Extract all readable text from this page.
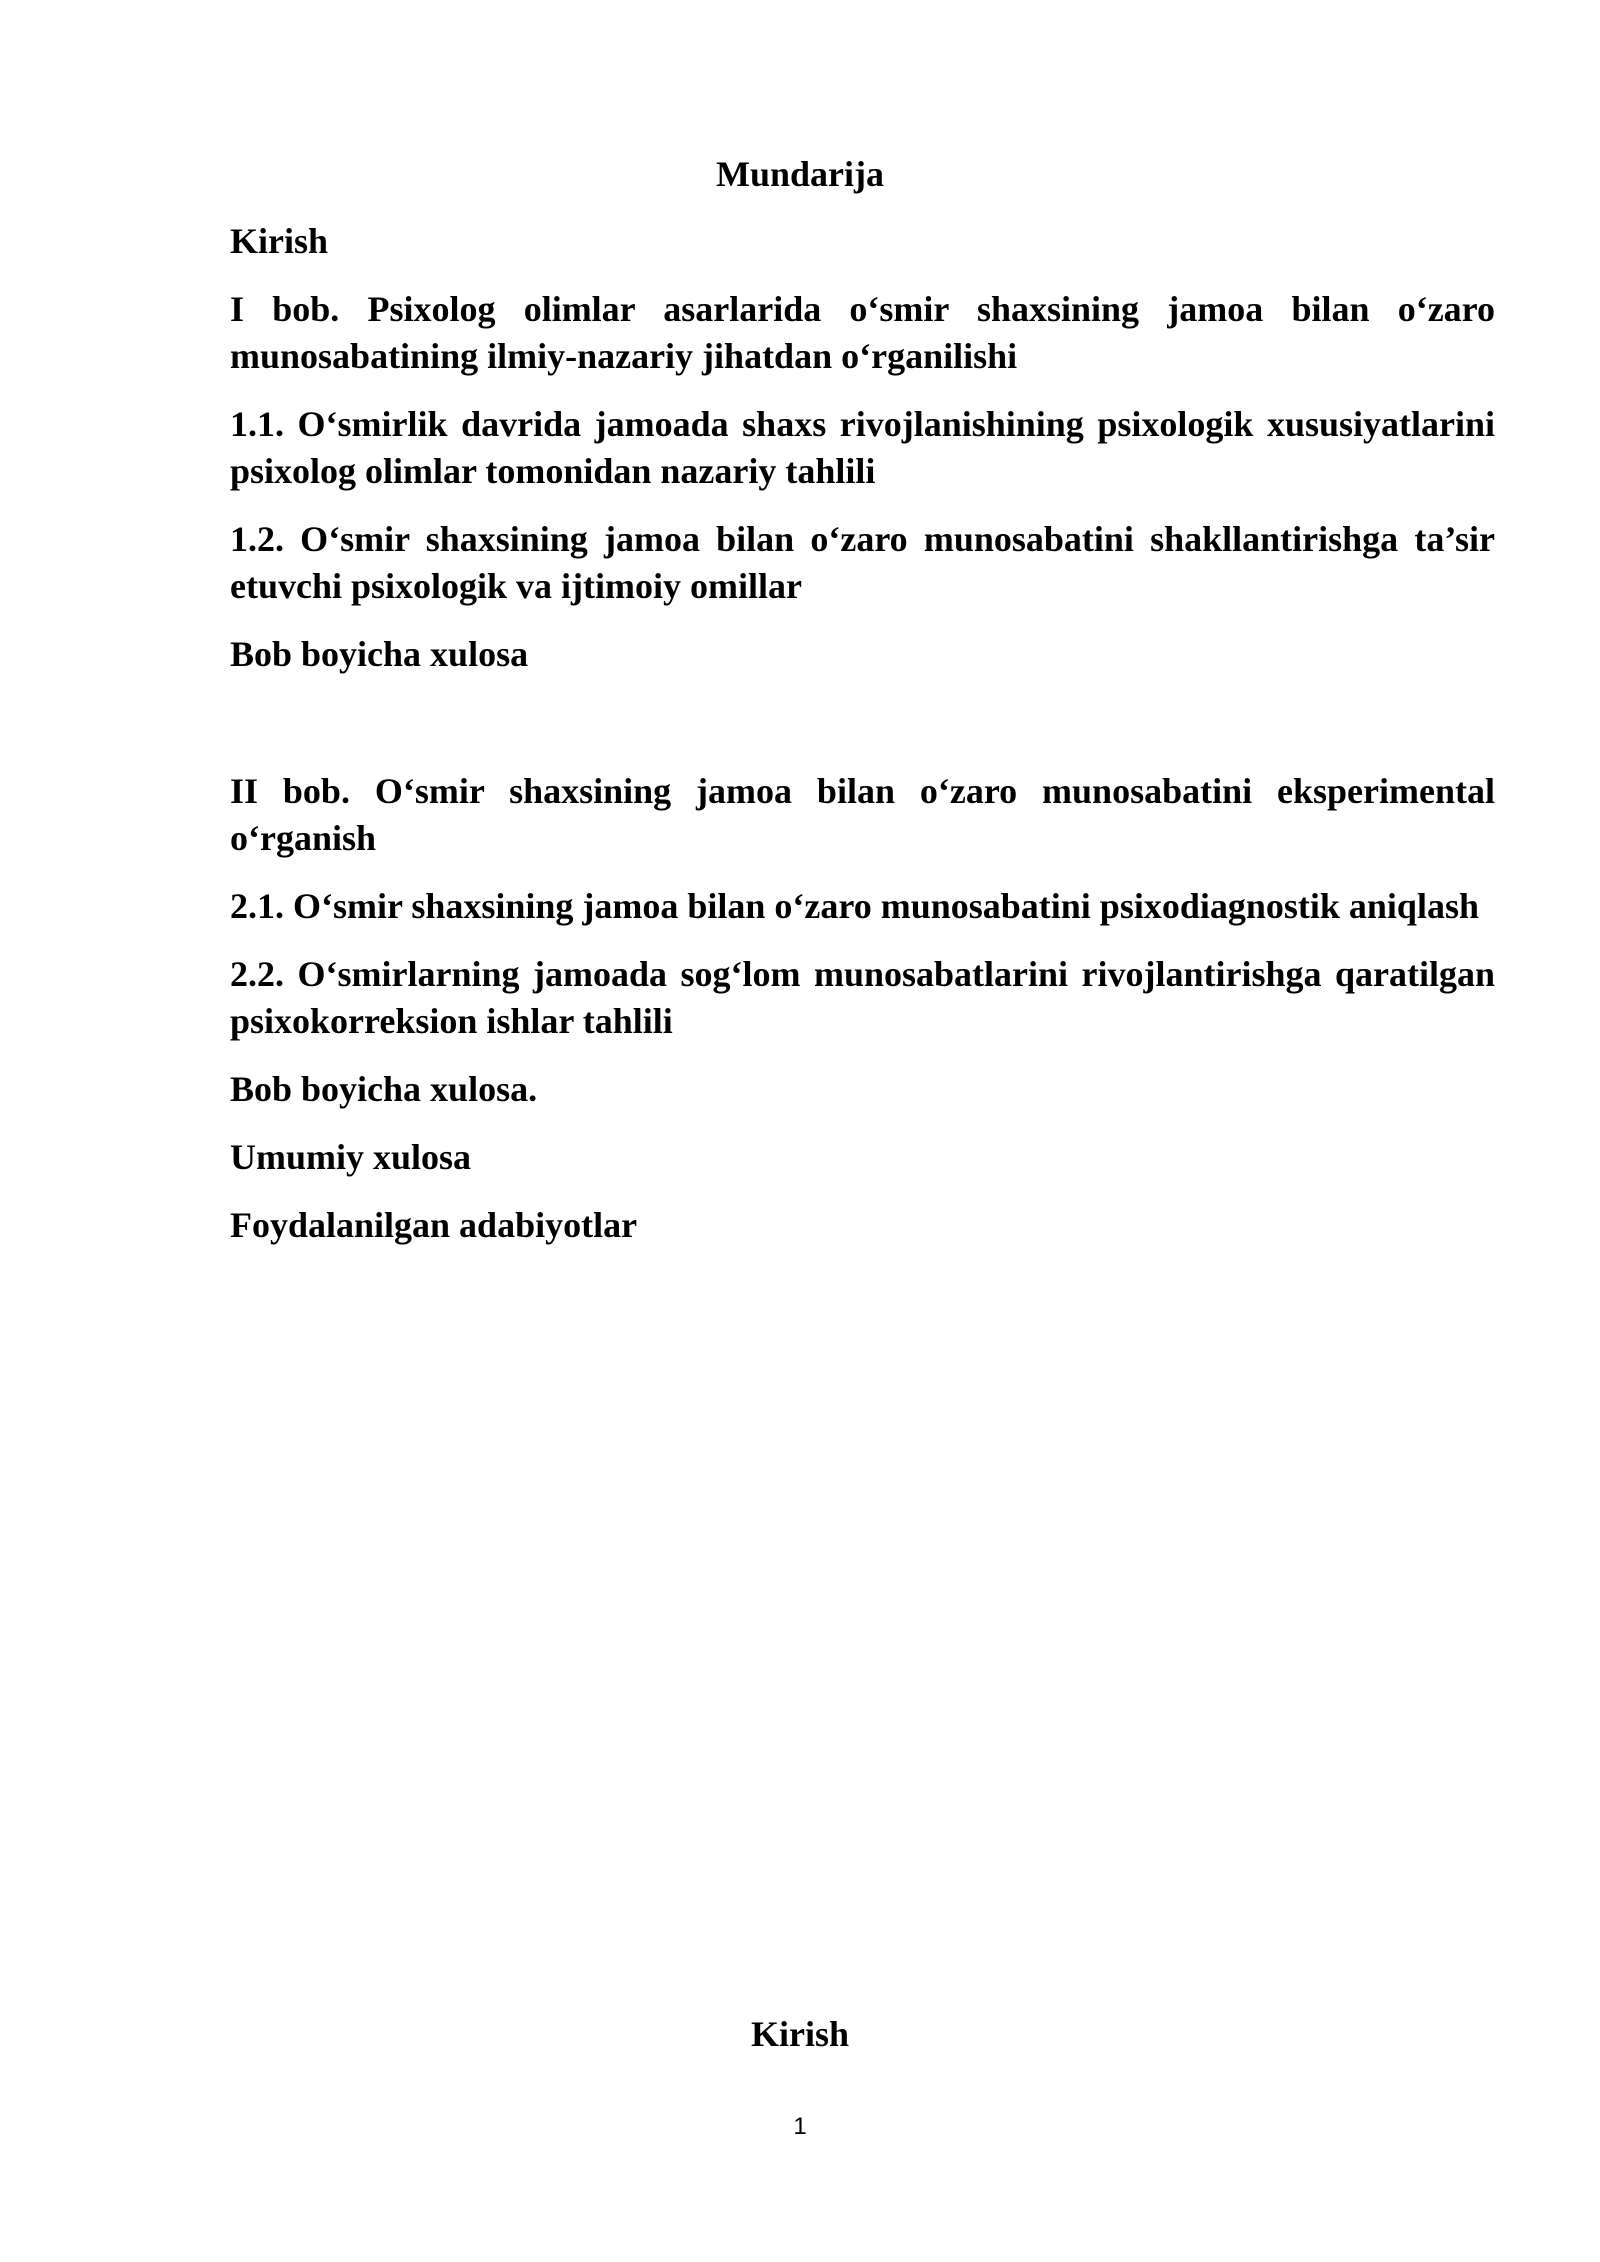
Mundarija
Kirish
I bob. Psixolog olimlar asarlarida o‘smir shaxsining jamoa bilan o‘zaro munosabatining ilmiy-nazariy jihatdan o‘rganilishi
1.1. O‘smirlik davrida jamoada shaxs rivojlanishining psixologik xususiyatlarini psixolog olimlar tomonidan nazariy tahlili
1.2. O‘smir shaxsining jamoa bilan o‘zaro munosabatini shakllantirishga ta’sir etuvchi psixologik va ijtimoiy omillar
Bob boyicha xulosa
II bob. O‘smir shaxsining jamoa bilan o‘zaro munosabatini eksperimental o‘rganish
2.1. O‘smir shaxsining jamoa bilan o‘zaro munosabatini psixodiagnostik aniqlash
2.2. O‘smirlarning jamoada sog‘lom munosabatlarini rivojlantirishga qaratilgan psixokorreksion ishlar tahlili
Bob boyicha xulosa.
Umumiy xulosa
Foydalanilgan adabiyotlar
Kirish
1
